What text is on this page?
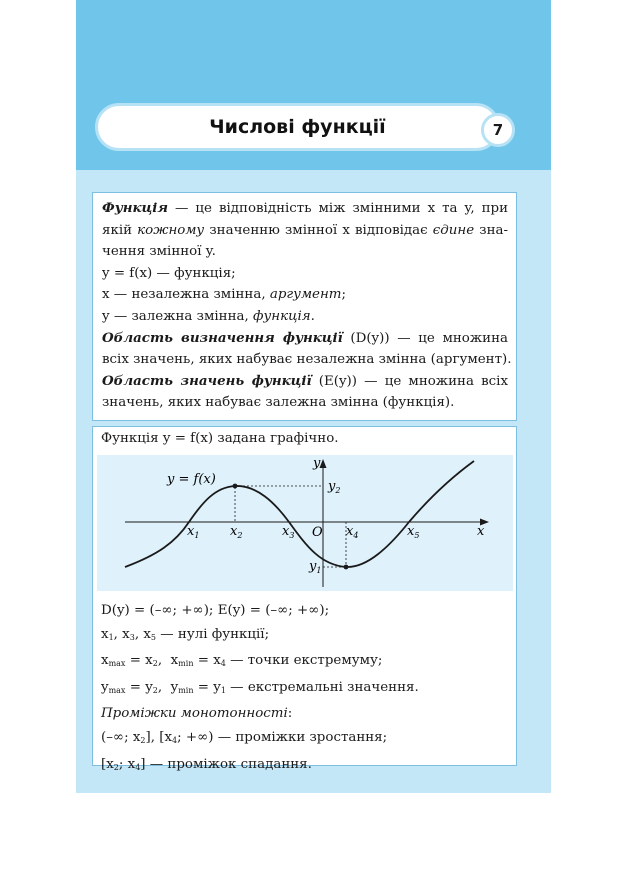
Числові функції	7
Функція — це відповідність між змінними x та y, при
якій кожному значенню змінної x відповідає єдине зна-
чення змінної y.
y = f(x) — функція;
x — незалежна змінна, аргумент;
y — залежна змінна, функція.
Область визначення функції (D(y)) — це множина
всіх значень, яких набуває незалежна змінна (аргумент).
Область значень функції (E(y)) — це множина всіх
значень, яких набуває залежна змінна (функція).
Функція y = f(x) задана графічно.
y = f(x)
y
x
O
$x_1$ $x_2$	$x_3$	$x_4$	$x_5$
$y_2$
$y_1$
D(y) = (–∞; +∞); E(y) = (–∞; +∞);
$x_1$, $x_3$, $x_5$ — нулі функції;
$x_{max} = x_2$,  $x_{min} = x_4$ — точки екстремуму;
$y_{max} = y_2$,  $y_{min} = y_1$ — екстремальні значення.
Проміжки монотонності:
(–∞; $x_2$], [$x_4$; +∞) — проміжки зростання;
[$x_2$; $x_4$] — проміжок спадання.
